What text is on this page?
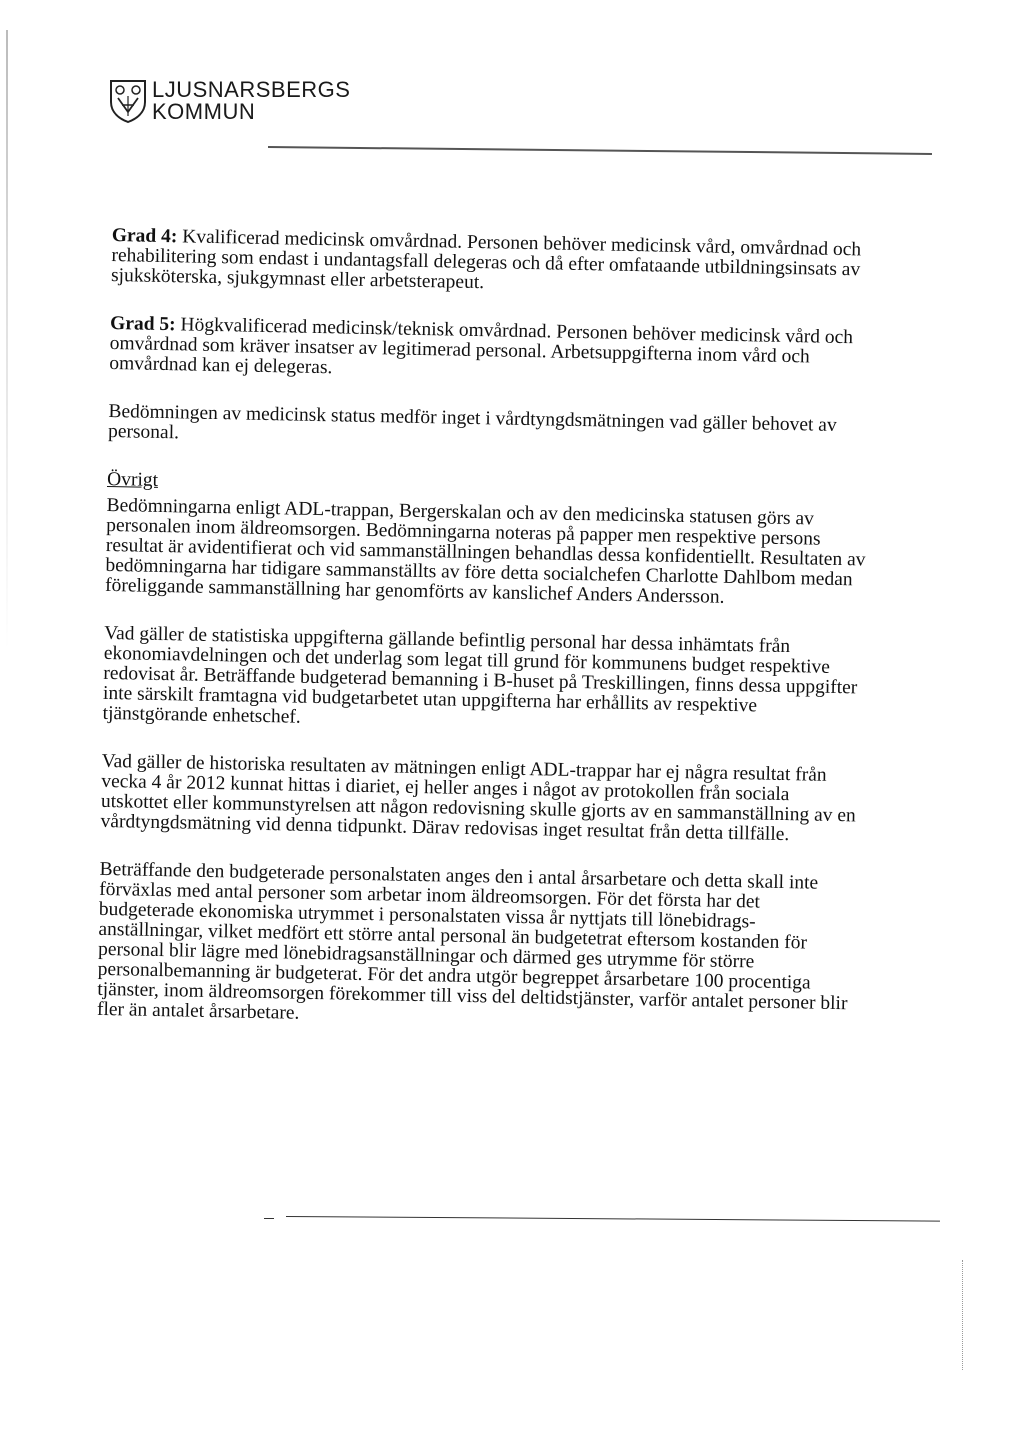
LJUSNARSBERGS
KOMMUN

Grad 4: Kvalificerad medicinsk omvårdnad. Personen behöver medicinsk vård, omvårdnad och rehabilitering som endast i undantagsfall delegeras och då efter omfataande utbildningsinsats av sjuksköterska, sjukgymnast eller arbetsterapeut.

Grad 5: Högkvalificerad medicinsk/teknisk omvårdnad. Personen behöver medicinsk vård och omvårdnad som kräver insatser av legitimerad personal. Arbetsuppgifterna inom vård och omvårdnad kan ej delegeras.

Bedömningen av medicinsk status medför inget i vårdtyngdsmätningen vad gäller behovet av personal.

Övrigt

Bedömningarna enligt ADL-trappan, Bergerskalan och av den medicinska statusen görs av personalen inom äldreomsorgen. Bedömningarna noteras på papper men respektive persons resultat är avidentifierat och vid sammanställningen behandlas dessa konfidentiellt. Resultaten av bedömningarna har tidigare sammanställts av före detta socialchefen Charlotte Dahlbom medan föreliggande sammanställning har genomförts av kanslichef Anders Andersson.

Vad gäller de statistiska uppgifterna gällande befintlig personal har dessa inhämtats från ekonomiavdelningen och det underlag som legat till grund för kommunens budget respektive redovisat år. Beträffande budgeterad bemanning i B-huset på Treskillingen, finns dessa uppgifter inte särskilt framtagna vid budgetarbetet utan uppgifterna har erhållits av respektive tjänstgörande enhetschef.

Vad gäller de historiska resultaten av mätningen enligt ADL-trappar har ej några resultat från vecka 4 år 2012 kunnat hittas i diariet, ej heller anges i något av protokollen från sociala utskottet eller kommunstyrelsen att någon redovisning skulle gjorts av en sammanställning av en vårdtyngdsmätning vid denna tidpunkt. Därav redovisas inget resultat från detta tillfälle.

Beträffande den budgeterade personalstaten anges den i antal årsarbetare och detta skall inte förväxlas med antal personer som arbetar inom äldreomsorgen. För det första har det budgeterade ekonomiska utrymmet i personalstaten vissa år nyttjats till lönebidrags-anställningar, vilket medfört ett större antal personal än budgetetrat eftersom kostanden för personal blir lägre med lönebidragsanställningar och därmed ges utrymme för större personalbemanning är budgeterat. För det andra utgör begreppet årsarbetare 100 procentiga tjänster, inom äldreomsorgen förekommer till viss del deltidstjänster, varför antalet personer blir fler än antalet årsarbetare.
